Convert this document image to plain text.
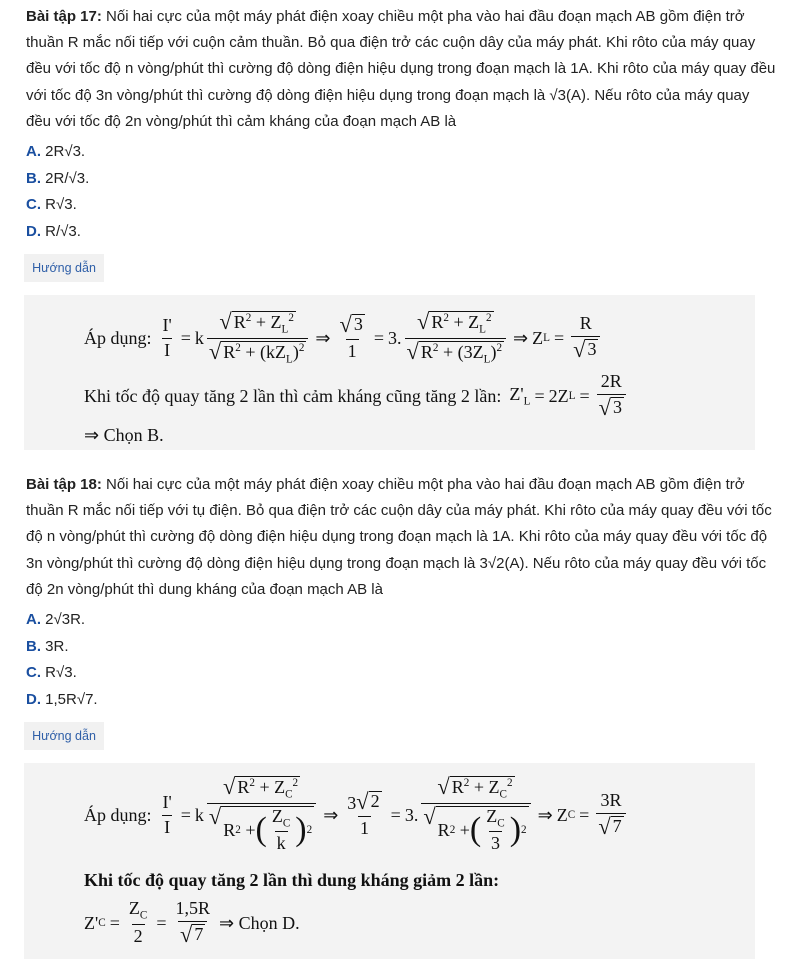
Bài tập 17: Nối hai cực của một máy phát điện xoay chiều một pha vào hai đầu đoạn mạch AB gồm điện trở thuần R mắc nối tiếp với cuộn cảm thuần. Bỏ qua điện trở các cuộn dây của máy phát. Khi rôto của máy quay đều với tốc độ n vòng/phút thì cường độ dòng điện hiệu dụng trong đoạn mạch là 1A. Khi rôto của máy quay đều với tốc độ 3n vòng/phút thì cường độ dòng điện hiệu dụng trong đoạn mạch là √3(A). Nếu rôto của máy quay đều với tốc độ 2n vòng/phút thì cảm kháng của đoạn mạch AB là

A. 2R√3.
B. 2R/√3.
C. R√3.
D. R/√3.
Hướng dẫn
Áp dụng: $\frac{I'}{I} = k \frac{√ R^2 + Z_L^2}{√ R^2 + (kZ_L)^2}$ ⇒ $\frac{√ 3}{1} = 3$. $\frac{√ R^2 + Z_L^2}{√ R^2 + (3Z_L)^2}$ ⇒ Z $L = \frac{R}{√ 3}$
Khi tốc độ quay tăng 2 lần thì cảm kháng cũng tăng 2 lần: $Z'_L = 2Z$ $L = \frac{2R}{√ 3}$
⇒ Chọn B.

Bài tập 18: Nối hai cực của một máy phát điện xoay chiều một pha vào hai đầu đoạn mạch AB gồm điện trở thuần R mắc nối tiếp với tụ điện. Bỏ qua điện trở các cuộn dây của máy phát. Khi rôto của máy quay đều với tốc độ n vòng/phút thì cường độ dòng điện hiệu dụng trong đoạn mạch là 1A. Khi rôto của máy quay đều với tốc độ 3n vòng/phút thì cường độ dòng điện hiệu dụng trong đoạn mạch là 3√2(A). Nếu rôto của máy quay đều với tốc độ 2n vòng/phút thì dung kháng của đoạn mạch AB là

A. 2√3R.
B. 3R.
C. R√3.
D. 1,5R√7.
Hướng dẫn
Áp dụng: $\frac{I'}{I} = k$ √ $R^2 + Z_C^2$
√
R 2 + ( $\frac{Z_C}{k}$ ) 2 ⇒ $\frac{3 √ 2}{1} = 3$. √ $R^2 + Z_C^2$
√
R 2 + ( $\frac{Z_C}{3}$ ) 2 ⇒ Z $C = \frac{3R}{√ 7}$
Khi tốc độ quay tăng 2 lần thì dung kháng giảm 2 lần:
Z' $C = \frac{Z_C}{2} = \frac{1,5R}{√ 7}$ ⇒ Chọn D.
